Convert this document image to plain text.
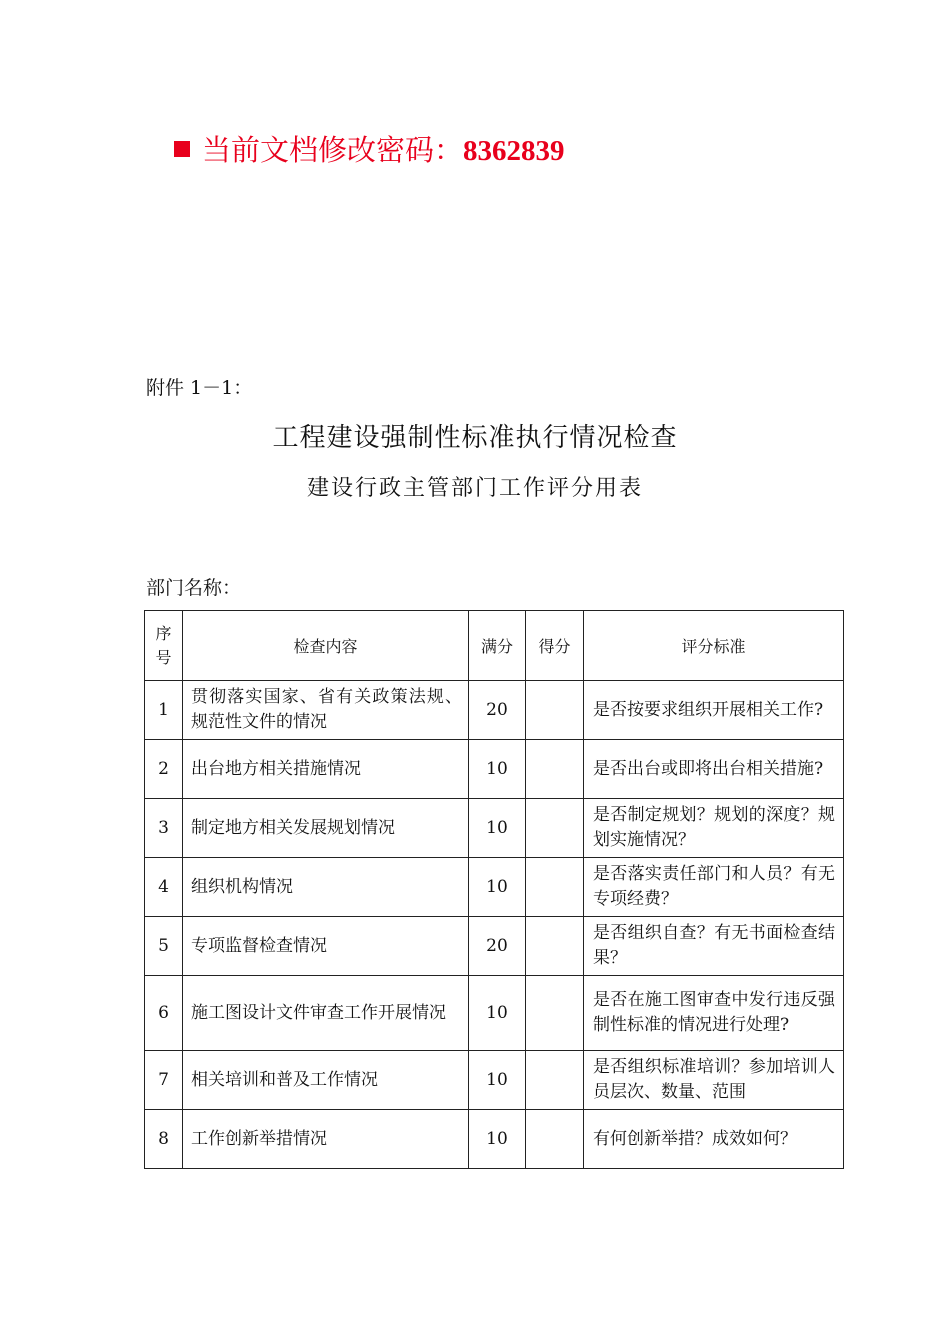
当前文档修改密码：8362839
附件 1－1：
工程建设强制性标准执行情况检查
建设行政主管部门工作评分用表
部门名称：
序号	检查内容	满分	得分	评分标准
1	贯彻落实国家、省有关政策法规、规范性文件的情况	20		是否按要求组织开展相关工作?
2	出台地方相关措施情况	10		是否出台或即将出台相关措施?
3	制定地方相关发展规划情况	10		是否制定规划？规划的深度？规划实施情况？
4	组织机构情况	10		是否落实责任部门和人员？有无专项经费？
5	专项监督检查情况	20		是否组织自查？有无书面检查结果？
6	施工图设计文件审查工作开展情况	10		是否在施工图审查中发行违反强制性标准的情况进行处理?
7	相关培训和普及工作情况	10		是否组织标准培训？参加培训人员层次、数量、范围
8	工作创新举措情况	10		有何创新举措？成效如何？
